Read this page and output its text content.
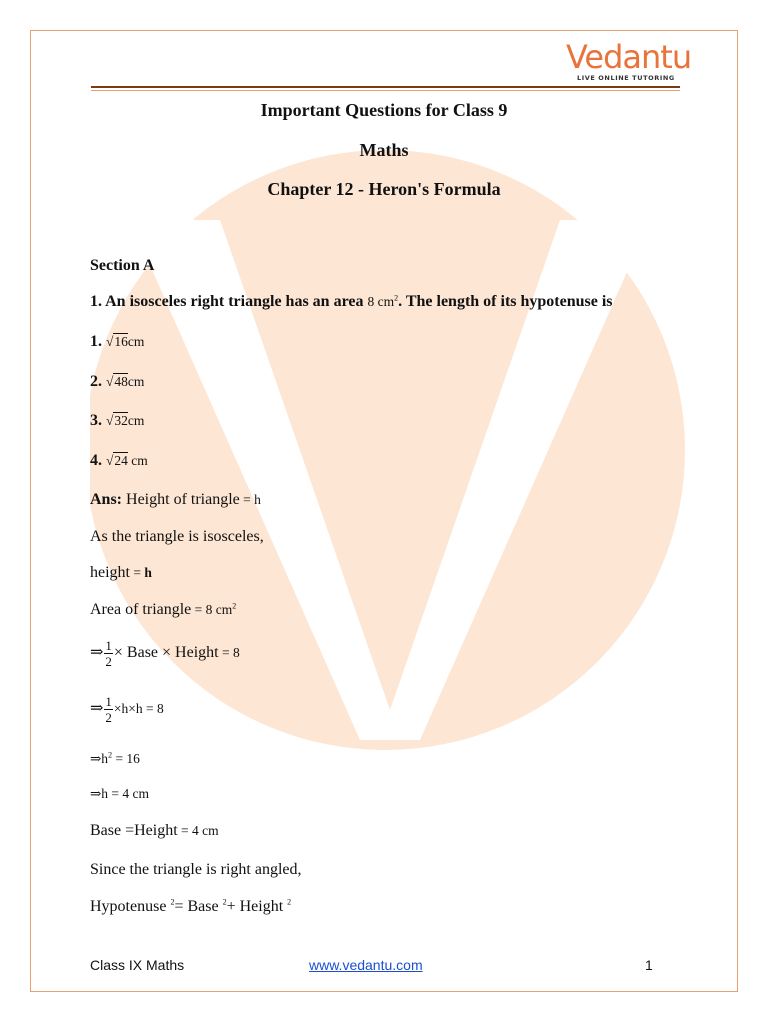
Vedantu
LIVE ONLINE TUTORING
Important Questions for Class 9
Maths
Chapter 12 - Heron's Formula
Section A
1. An isosceles right triangle has an area 8 $cm^2$. The length of its hypotenuse is
1. √16cm
2. √48cm
3. √32cm
4. √24 cm
Ans: Height of triangle = h
As the triangle is isosceles,
height = h
Area of triangle = 8 $cm^2$
⇒ $\frac{1}{2}$ × Base × Height = 8
⇒ $\frac{1}{2} \times h\times h = 8$
$\Rightarrow h^2 = 16$
⇒h = 4 cm
Base =Height = 4 cm
Since the triangle is right angled,
Hypotenuse $^2$= Base $^2$+ Height $^2$
Class IX Maths	www.vedantu.com	1
